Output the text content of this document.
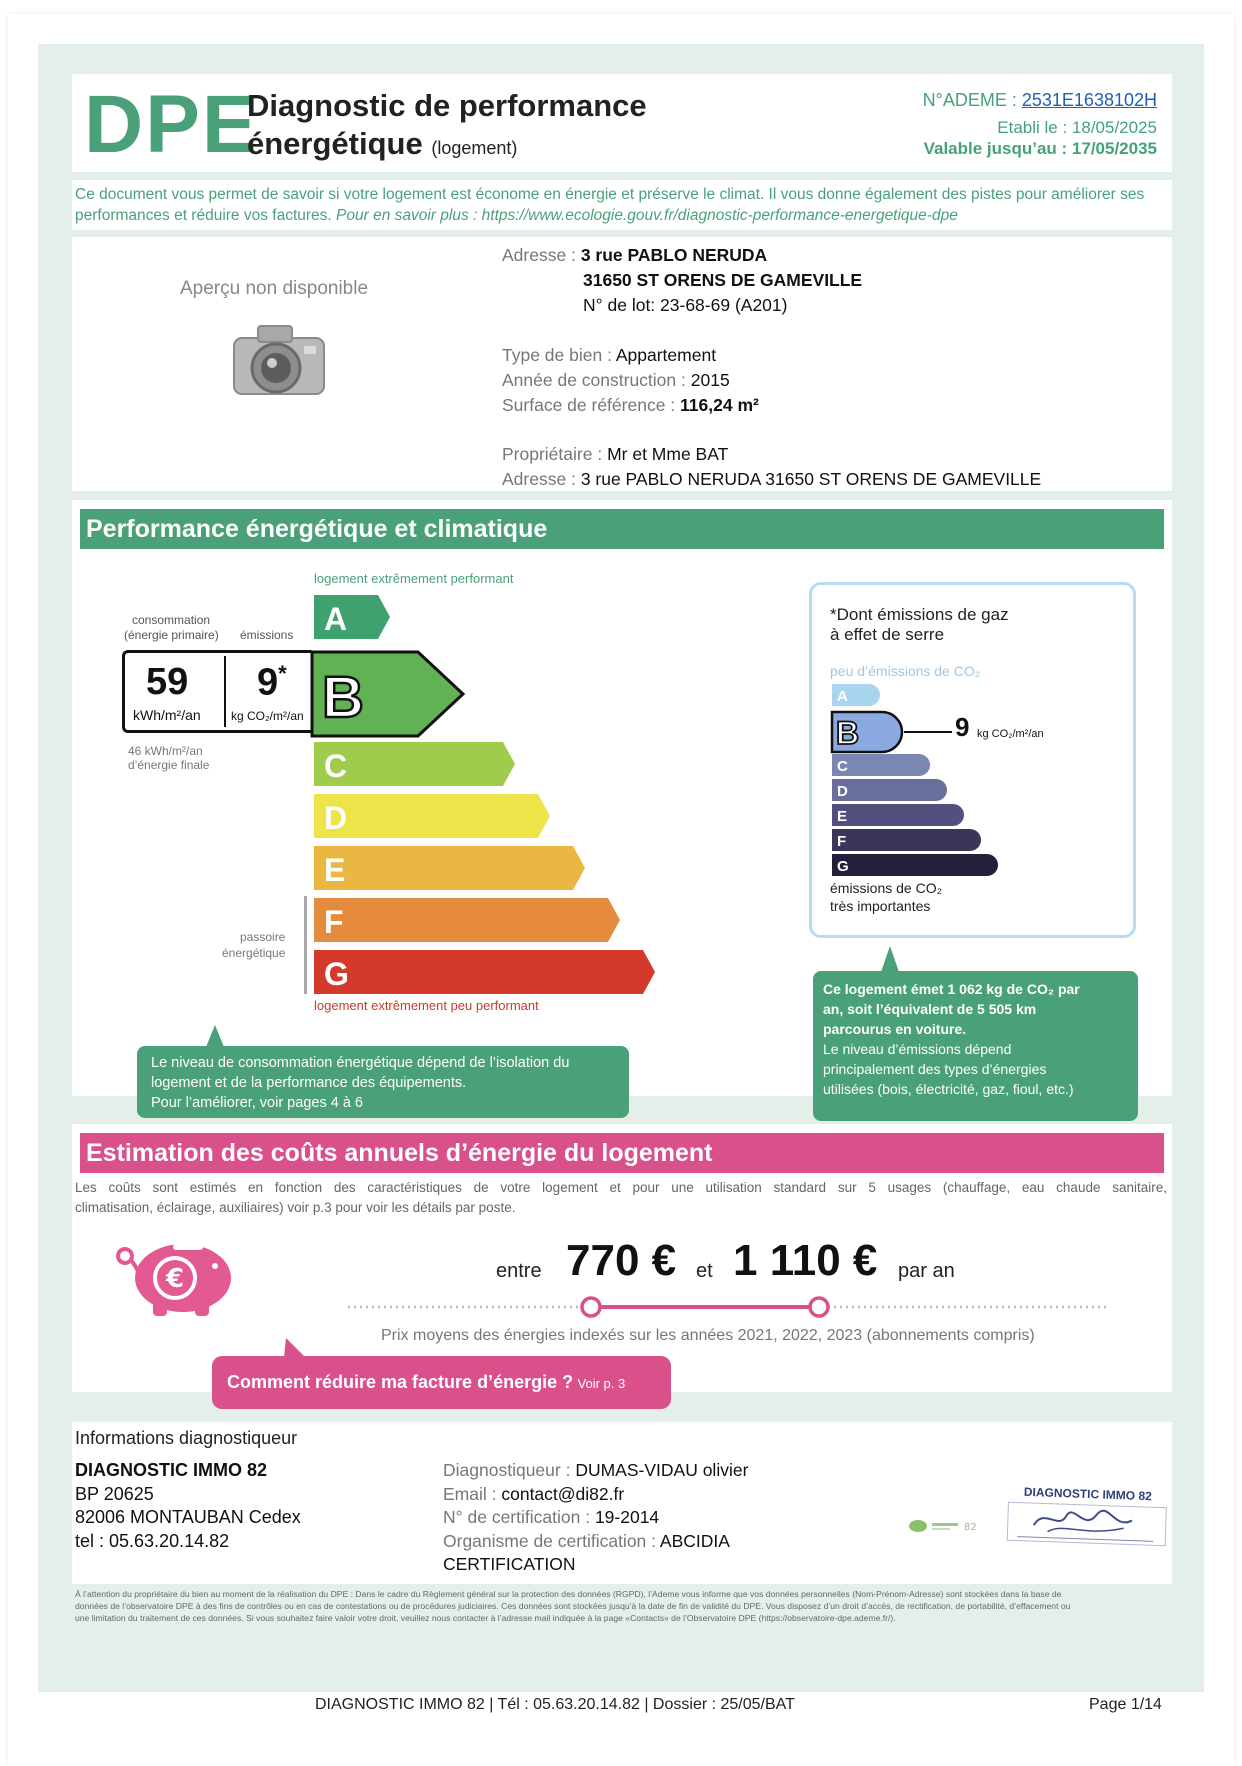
DPE
Diagnostic de performance
énergétique (logement)
N°ADEME : 2531E1638102H
Etabli le : 18/05/2025
Valable jusqu’au : 17/05/2035
Ce document vous permet de savoir si votre logement est économe en énergie et préserve le climat. Il vous donne également des pistes pour améliorer ses
performances et réduire vos factures. Pour en savoir plus : https://www.ecologie.gouv.fr/diagnostic-performance-energetique-dpe
Aperçu non disponible
Adresse : 3 rue PABLO NERUDA
31650 ST ORENS DE GAMEVILLE
N° de lot: 23-68-69 (A201)
Type de bien : Appartement
Année de construction : 2015
Surface de référence : 116,24 m²
Propriétaire : Mr et Mme BAT
Adresse : 3 rue PABLO NERUDA 31650 ST ORENS DE GAMEVILLE
Performance énergétique et climatique
logement extrêmement performant
consommation
(énergie primaire) émissions
59
kWh/m²/an
9*
kg CO₂/m²/an
46 kWh/m²/an
d’énergie finale
passoire
énergétique
A
B
C
D
E
F
G
logement extrêmement peu performant
Le niveau de consommation énergétique dépend de l’isolation du
logement et de la performance des équipements.
Pour l’améliorer, voir pages 4 à 6
*Dont émissions de gaz
à effet de serre
peu d’émissions de CO₂
A
B
C
D
E
F
G
9 kg CO₂/m²/an
émissions de CO₂
très importantes
Ce logement émet 1 062 kg de CO₂ par
an, soit l’équivalent de 5 505 km
parcourus en voiture.
Le niveau d’émissions dépend
principalement des types d’énergies
utilisées (bois, électricité, gaz, fioul, etc.)
Estimation des coûts annuels d’énergie du logement
Les coûts sont estimés en fonction des caractéristiques de votre logement et pour une utilisation standard sur 5 usages (chauffage, eau chaude sanitaire,
climatisation, éclairage, auxiliaires) voir p.3 pour voir les détails par poste.
€	entre 770 € et 1 110 € par an
Prix moyens des énergies indexés sur les années 2021, 2022, 2023 (abonnements compris)
Comment réduire ma facture d’énergie ? Voir p. 3
Informations diagnostiqueur
DIAGNOSTIC IMMO 82
BP 20625
82006 MONTAUBAN Cedex
tel : 05.63.20.14.82
Diagnostiqueur : DUMAS-VIDAU olivier
Email : contact@di82.fr
N° de certification : 19-2014
Organisme de certification : ABCIDIA
CERTIFICATION
82
DIAGNOSTIC IMMO 82
À l’attention du propriétaire du bien au moment de la réalisation du DPE : Dans le cadre du Règlement général sur la protection des données (RGPD), l’Ademe vous informe que vos données personnelles (Nom-Prénom-Adresse) sont stockées dans la base de
données de l’observatoire DPE à des fins de contrôles ou en cas de contestations ou de procédures judiciaires. Ces données sont stockées jusqu’à la date de fin de validité du DPE. Vous disposez d’un droit d’accès, de rectification, de portabilité, d’effacement ou
une limitation du traitement de ces données. Si vous souhaitez faire valoir votre droit, veuillez nous contacter à l’adresse mail indiquée à la page «Contacts» de l’Observatoire DPE (https://observatoire-dpe.ademe.fr/).
DIAGNOSTIC IMMO 82 | Tél : 05.63.20.14.82 | Dossier : 25/05/BAT	Page 1/14
